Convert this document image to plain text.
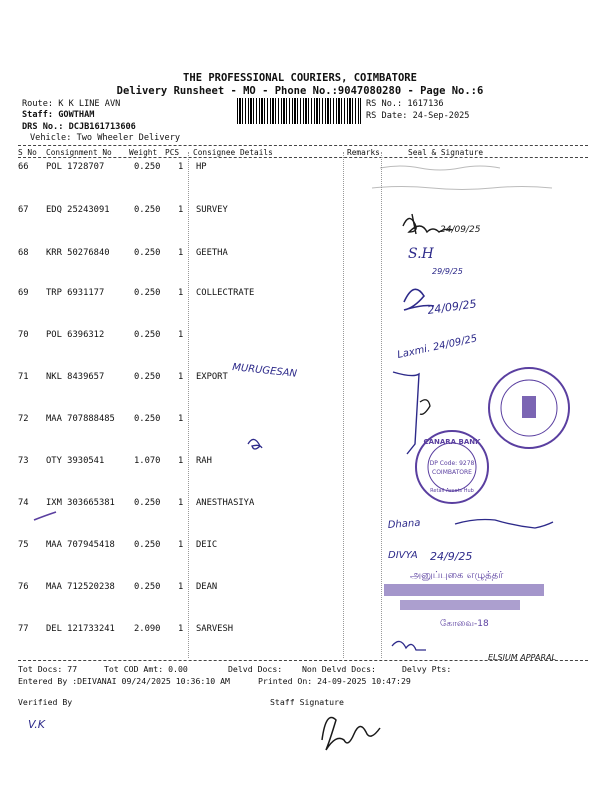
THE PROFESSIONAL COURIERS, COIMBATORE
Delivery Runsheet - MO - Phone No.:9047080280 - Page No.:6
Route: K K LINE AVN
Staff: GOWTHAM
DRS No.: DCJB161713606
Vehicle: Two Wheeler Delivery
RS No.: 1617136
RS Date: 24-Sep-2025
S No Consignment No Weight PCS Consignee Details	Remarks	Seal & Signature
66 POL 1728707	0.250 1 HP
67 EDQ 25243091	0.250 1 SURVEY
68 KRR 50276840	0.250 1 GEETHA
69 TRP 6931177	0.250 1 COLLECTRATE
70 POL 6396312	0.250 1
71 NKL 8439657	0.250 1 EXPORT
72 MAA 707888485 0.250 1
73 OTY 3930541	1.070 1 RAH
74 IXM 303665381 0.250 1 ANESTHASIYA
75 MAA 707945418 0.250 1 DEIC
76 MAA 712520238 0.250 1 DEAN
77 DEL 121733241 2.090 1 SARVESH
24/09/25
S.H
29/9/25
24/09/25
Laxmi. 24/09/25
MURUGESAN
CANARA BANK
DP Code: 9278
COIMBATORE
Retail Assets Hub
Dhana
DIVYA 24/9/25
அனுப்புகை எழுத்தர்
கோவை-18
ELSIUM APPARAL
V.K
Tot Docs: 77	Tot COD Amt: 0.00	Delvd Docs: Non Delvd Docs:	Delvy Pts:
Entered By :DEIVANAI 09/24/2025 10:36:10 AM	Printed On: 24-09-2025 10:47:29
Verified By	Staff Signature
